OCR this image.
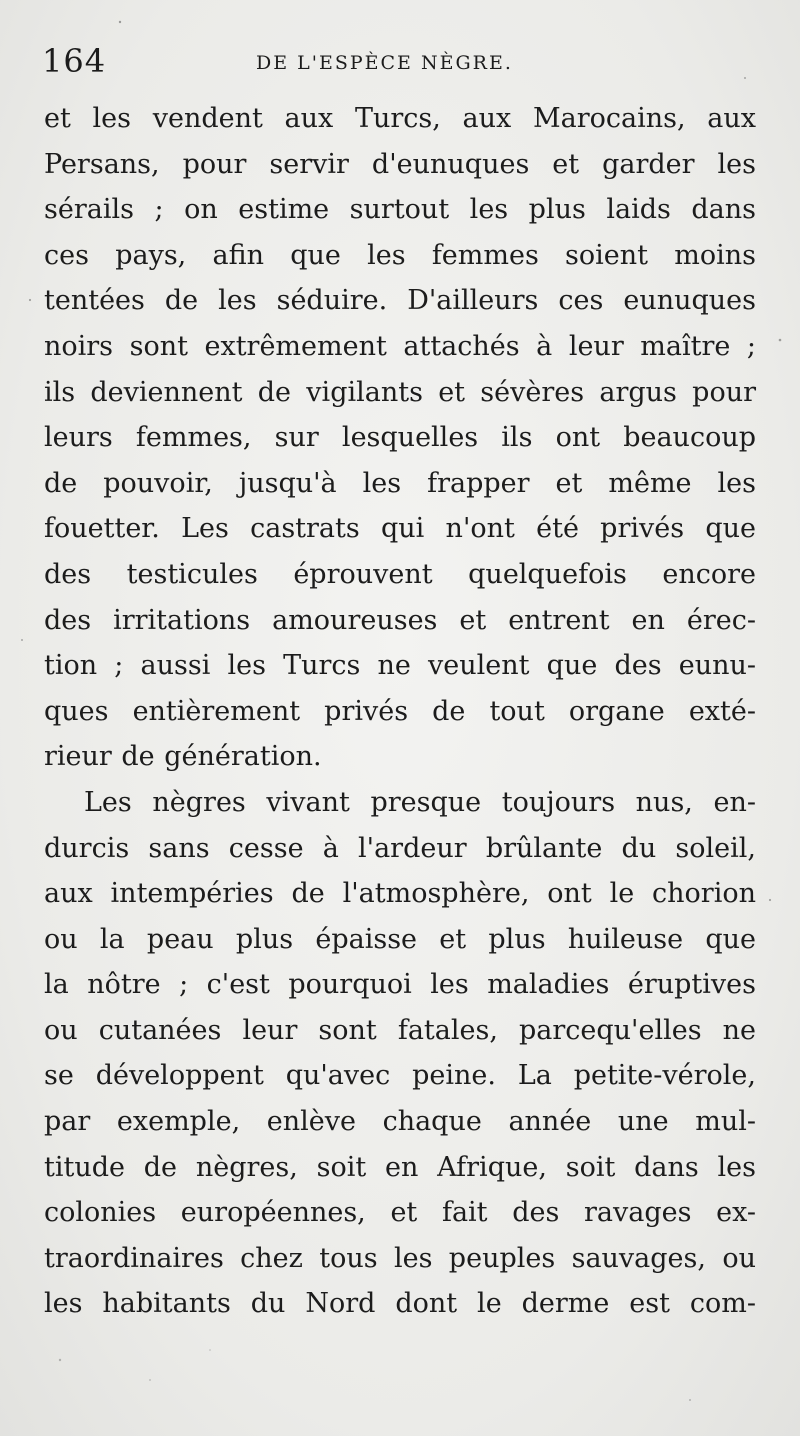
164	DE L'ESPÈCE NÈGRE.
et les vendent aux Turcs, aux Marocains, aux
Persans, pour servir d'eunuques et garder les
sérails ; on estime surtout les plus laids dans
ces pays, afin que les femmes soient moins
tentées de les séduire. D'ailleurs ces eunuques
noirs sont extrêmement attachés à leur maître ;
ils deviennent de vigilants et sévères argus pour
leurs femmes, sur lesquelles ils ont beaucoup
de pouvoir, jusqu'à les frapper et même les
fouetter. Les castrats qui n'ont été privés que
des testicules éprouvent quelquefois encore
des irritations amoureuses et entrent en érec-
tion ; aussi les Turcs ne veulent que des eunu-
ques entièrement privés de tout organe exté-
rieur de génération.
Les nègres vivant presque toujours nus, en-
durcis sans cesse à l'ardeur brûlante du soleil,
aux intempéries de l'atmosphère, ont le chorion
ou la peau plus épaisse et plus huileuse que
la nôtre ; c'est pourquoi les maladies éruptives
ou cutanées leur sont fatales, parcequ'elles ne
se développent qu'avec peine. La petite-vérole,
par exemple, enlève chaque année une mul-
titude de nègres, soit en Afrique, soit dans les
colonies européennes, et fait des ravages ex-
traordinaires chez tous les peuples sauvages, ou
les habitants du Nord dont le derme est com-
